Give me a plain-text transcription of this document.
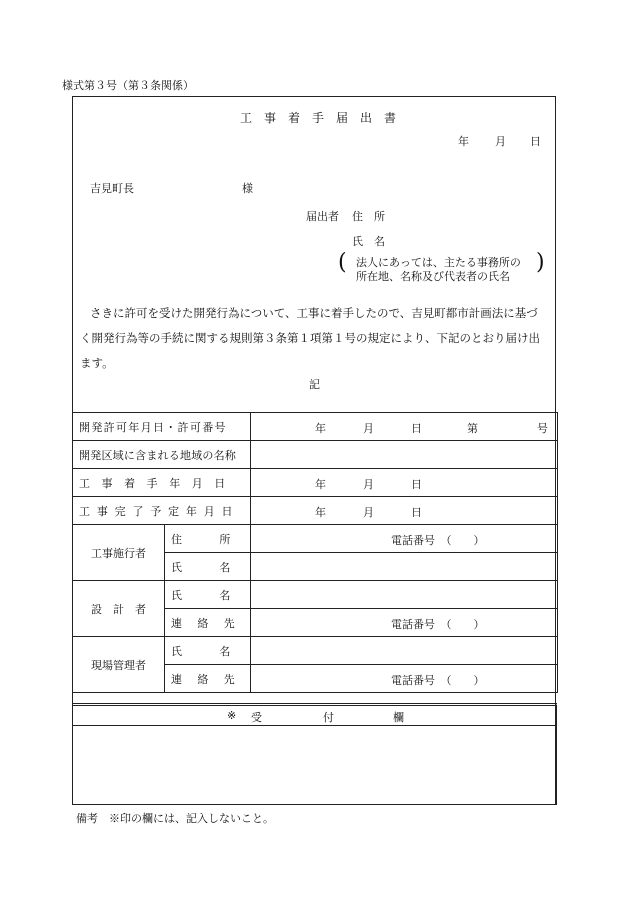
様式第３号（第３条関係）
工　事　着　手　届　出　書
年 月 日
吉見町長	様
届出者 住　所
氏　名
( 法人にあっては、主たる事務所の
所在地、名称及び代表者の氏名
)
さきに許可を受けた開発行為について、工事に着手したので、吉見町都市計画法に基づ
く開発行為等の手続に関する規則第３条第１項第１号の規定により、下記のとおり届け出
ます。
記
開発許可年月日・許可番号		年 月 日 第 号

開発区域に含まれる地域の名称		
工事着手年月日		年 月 日

工事完了予定年月日		年 月 日

工事施行者	住　所	電話番号　（　　）

	氏　名	
設　計　者	氏　名	
	連　絡　先	電話番号　（　　）

現場管理者	氏　名	
	連　絡　先	電話番号　（　　）
※ 受	付	欄
備考　※印の欄には、記入しないこと。
